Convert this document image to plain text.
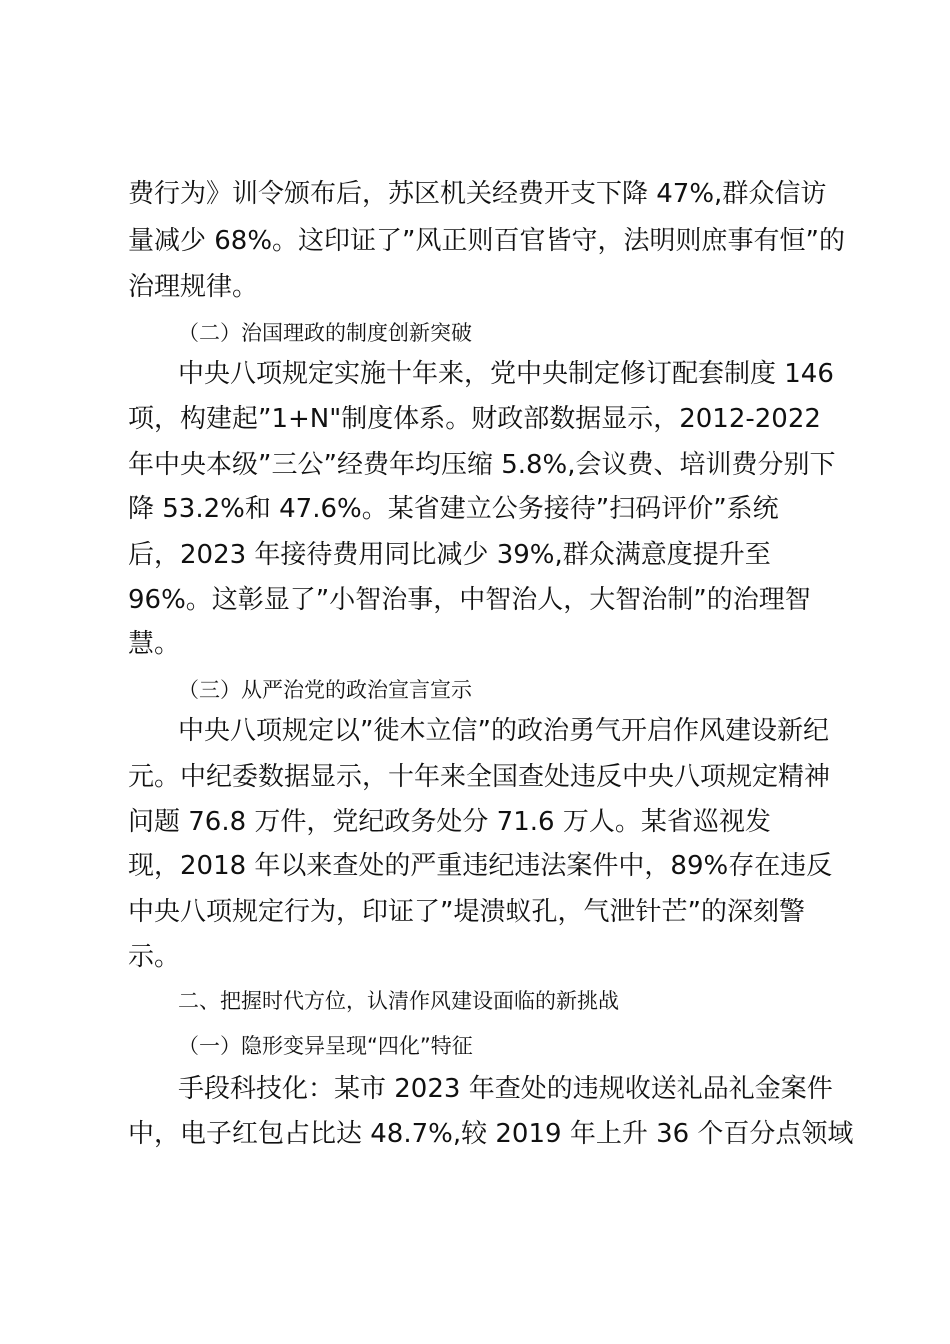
费行为》训令颁布后，苏区机关经费开支下降 47%,群众信访
量减少 68%。这印证了”风正则百官皆守，法明则庶事有恒”的
治理规律。
（二）治国理政的制度创新突破
中央八项规定实施十年来，党中央制定修订配套制度 146
项，构建起”1+N"制度体系。财政部数据显示，2012-2022
年中央本级”三公”经费年均压缩 5.8%,会议费、培训费分别下
降 53.2%和 47.6%。某省建立公务接待”扫码评价”系统
后，2023 年接待费用同比减少 39%,群众满意度提升至
96%。这彰显了”小智治事，中智治人，大智治制”的治理智
慧。
（三）从严治党的政治宣言宣示
中央八项规定以”徙木立信”的政治勇气开启作风建设新纪
元。中纪委数据显示，十年来全国查处违反中央八项规定精神
问题 76.8 万件，党纪政务处分 71.6 万人。某省巡视发
现，2018 年以来查处的严重违纪违法案件中，89%存在违反
中央八项规定行为，印证了”堤溃蚁孔，气泄针芒”的深刻警
示。
二、把握时代方位，认清作风建设面临的新挑战
（一）隐形变异呈现“四化”特征
手段科技化：某市 2023 年查处的违规收送礼品礼金案件
中，电子红包占比达 48.7%,较 2019 年上升 36 个百分点领域
